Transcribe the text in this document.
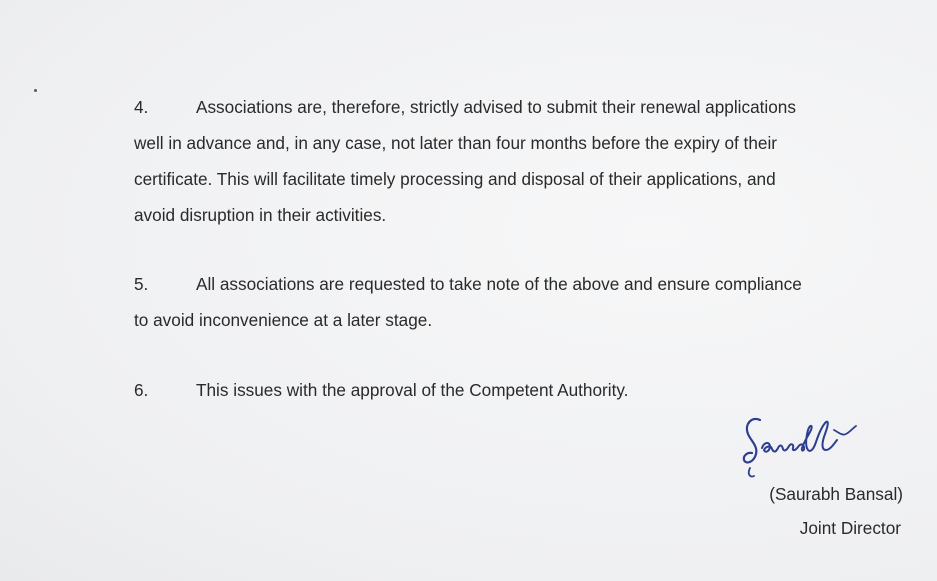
4.	Associations are, therefore, strictly advised to submit their renewal applications
well in advance and, in any case, not later than four months before the expiry of their
certificate. This will facilitate timely processing and disposal of their applications, and
avoid disruption in their activities.
5.	All associations are requested to take note of the above and ensure compliance
to avoid inconvenience at a later stage.
6.	This issues with the approval of the Competent Authority.
(Saurabh Bansal)
Joint Director
